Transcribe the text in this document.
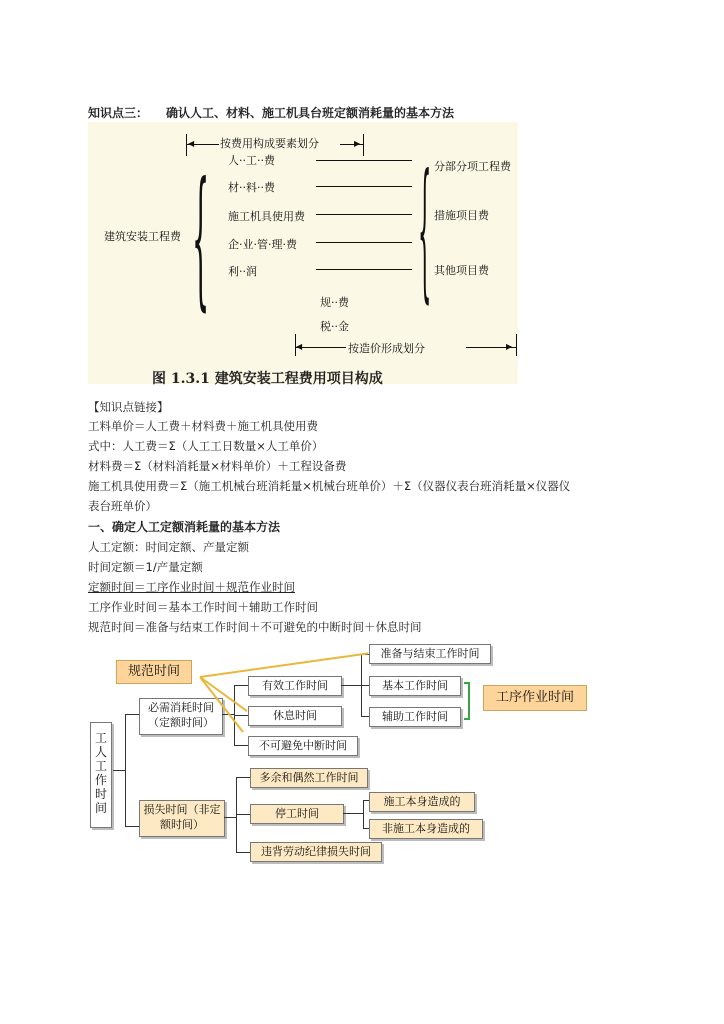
知识点三： 确认人工、材料、施工机具台班定额消耗量的基本方法
◀	▶
按费用构成要素划分
建筑安装工程费 { 人··工··费
材··料··费
施工机具使用费
企·业·管·理·费
利··润
规··费
税··金
{ 分部分项工程费
措施项目费
其他项目费
◀	▶
按造价形成划分
图 1.3.1 建筑安装工程费用项目构成
【知识点链接】
工料单价＝人工费＋材料费＋施工机具使用费
式中：人工费＝Σ（人工工日数量×人工单价）
材料费＝Σ（材料消耗量×材料单价）＋工程设备费
施工机具使用费＝Σ（施工机械台班消耗量×机械台班单价）＋Σ（仪器仪表台班消耗量×仪器仪
表台班单价）
一、确定人工定额消耗量的基本方法
人工定额：时间定额、产量定额
时间定额＝1/产量定额
定额时间＝工序作业时间＋规范作业时间
工序作业时间＝基本工作时间＋辅助工作时间
规范时间＝准备与结束工作时间＋不可避免的中断时间＋休息时间
工人工作时间
必需消耗时间（定额时间）
有效工作时间
休息时间
不可避免中断时间
准备与结束工作时间
基本工作时间
辅助工作时间
规范时间
工序作业时间
损失时间（非定额时间）
多余和偶然工作时间
停工时间
违背劳动纪律损失时间
施工本身造成的
非施工本身造成的
